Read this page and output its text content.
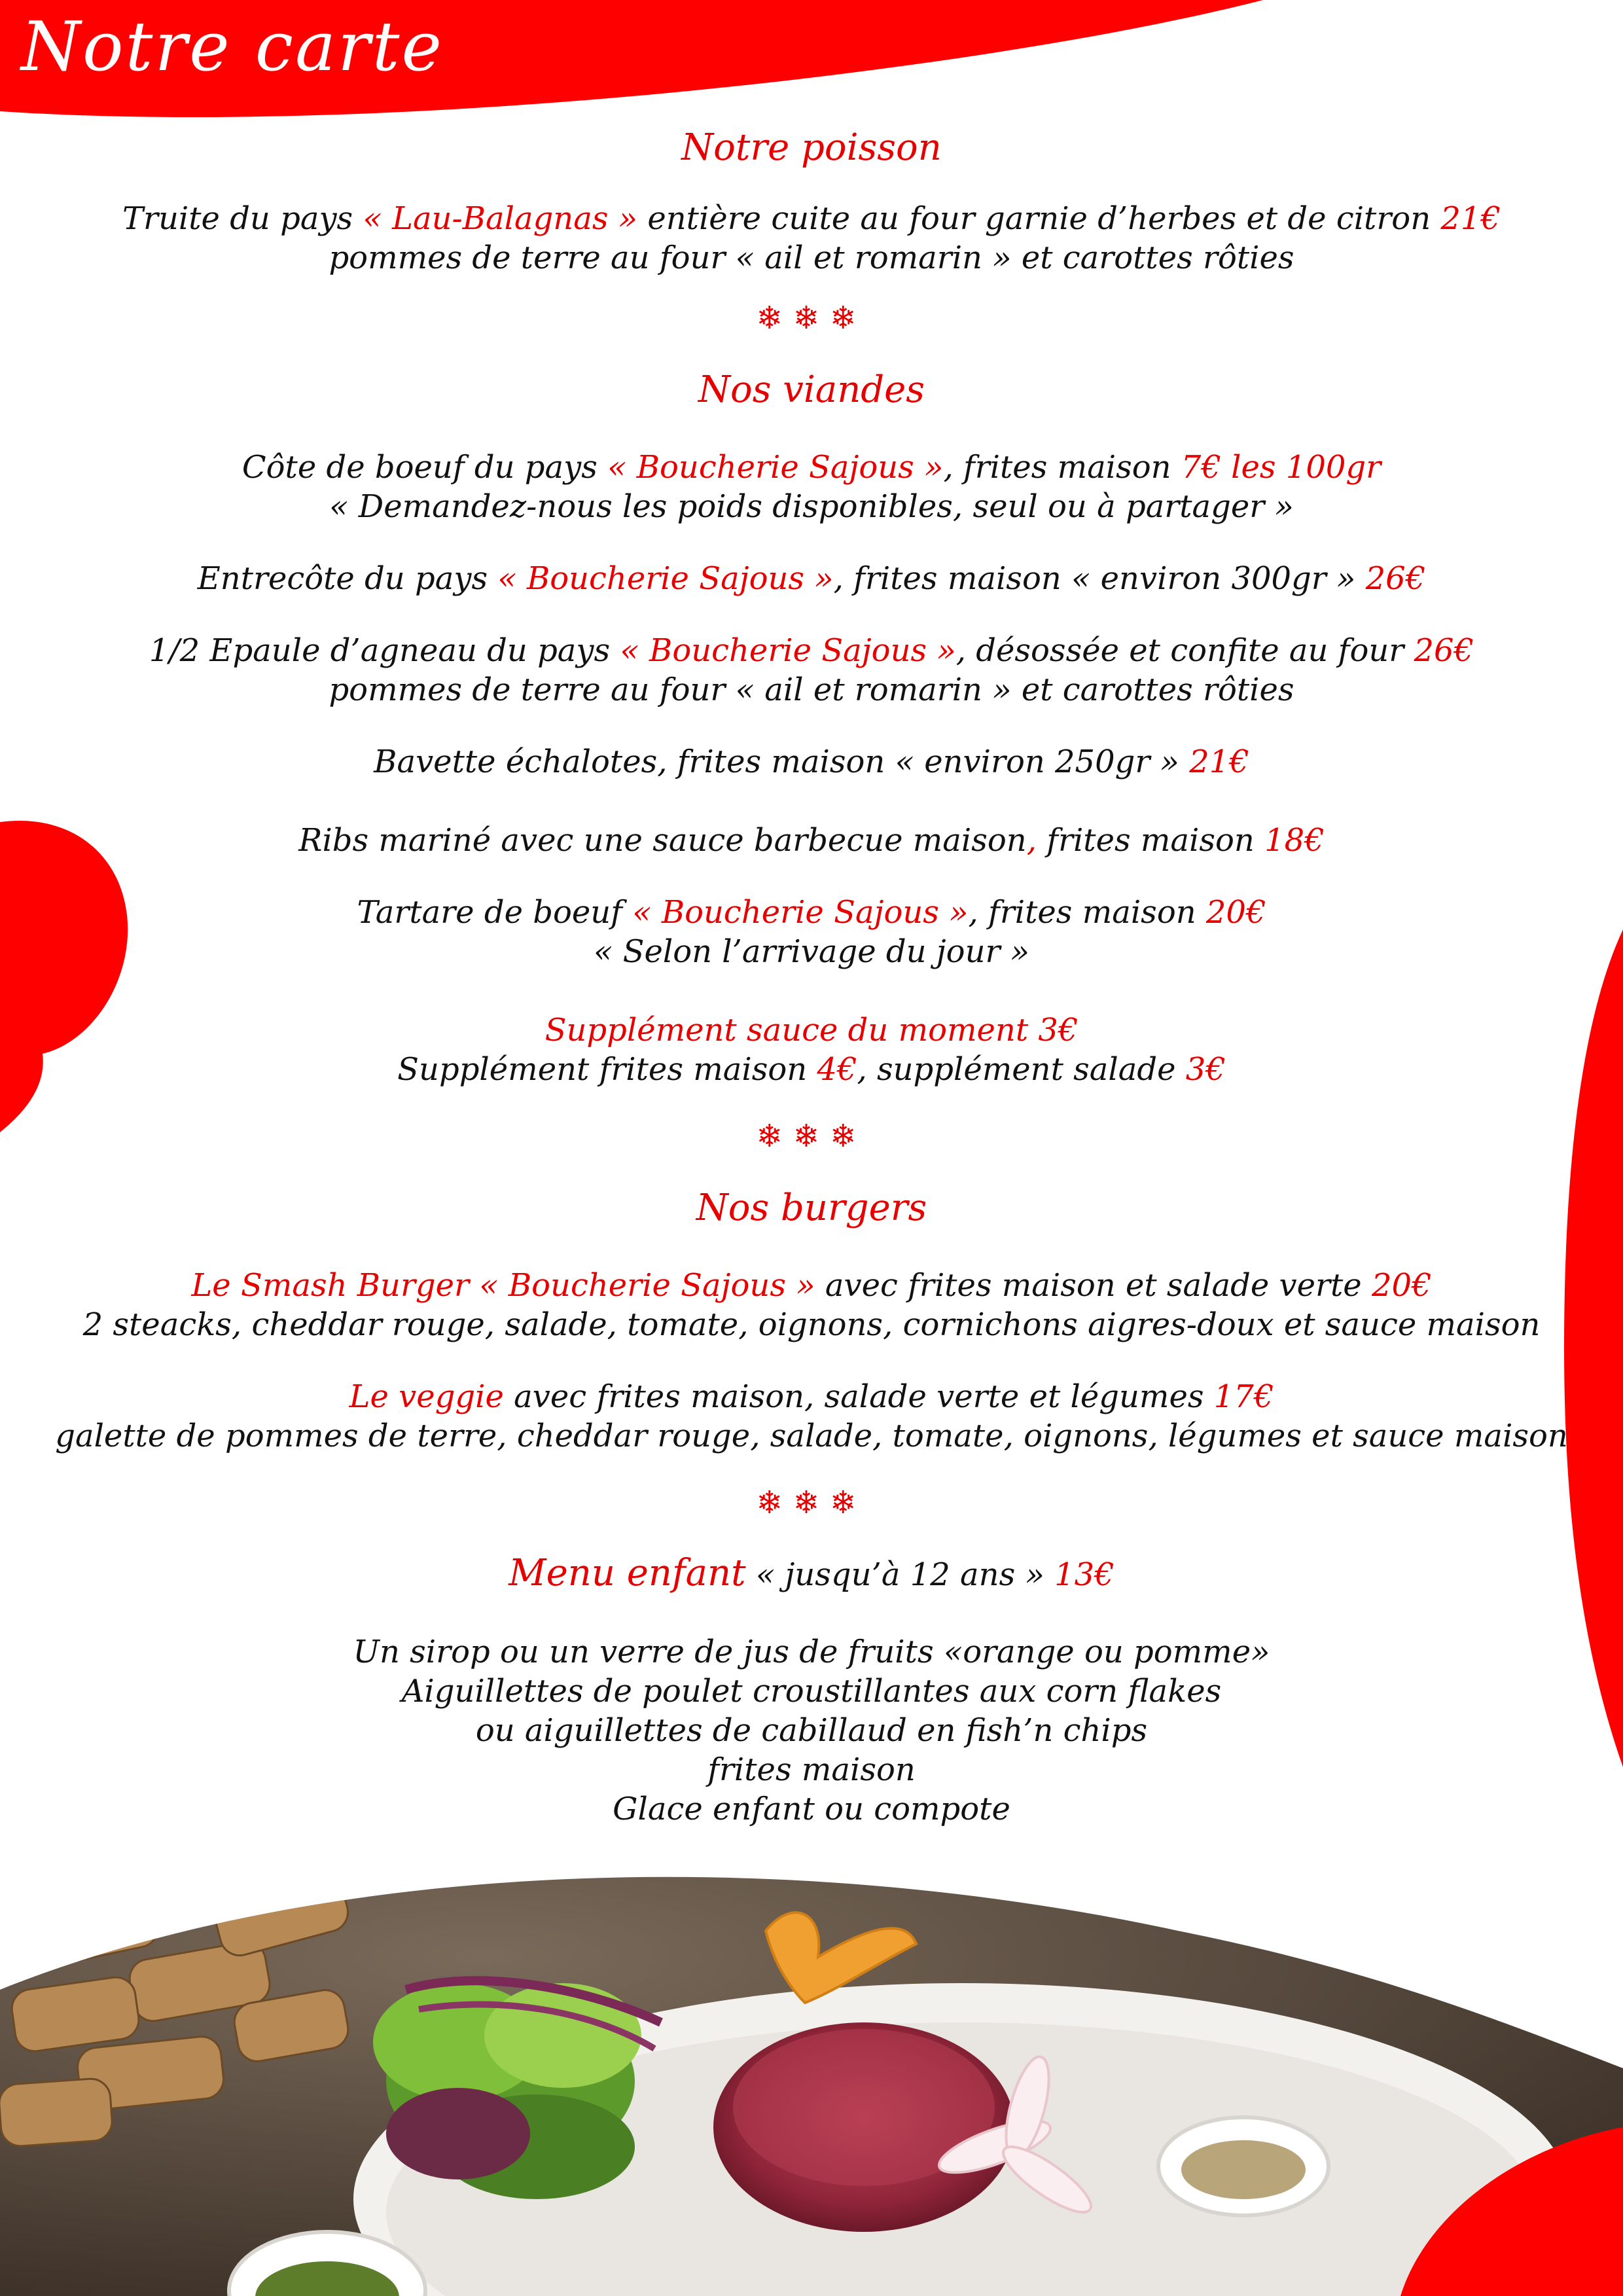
Notre carte
Notre poisson
Truite du pays « Lau-Balagnas » entière cuite au four garnie d’herbes et de citron 21€
pommes de terre au four « ail et romarin » et carottes rôties
❄❄❄
Nos viandes
Côte de boeuf du pays « Boucherie Sajous », frites maison 7€ les 100gr
« Demandez-nous les poids disponibles, seul ou à partager »
Entrecôte du pays « Boucherie Sajous », frites maison « environ 300gr » 26€
1/2 Epaule d’agneau du pays « Boucherie Sajous », désossée et confite au four 26€
pommes de terre au four « ail et romarin » et carottes rôties
Bavette échalotes, frites maison « environ 250gr » 21€
Ribs mariné avec une sauce barbecue maison, frites maison 18€
Tartare de boeuf « Boucherie Sajous », frites maison 20€
« Selon l’arrivage du jour »
Supplément sauce du moment 3€
Supplément frites maison 4€, supplément salade 3€
❄❄❄
Nos burgers
Le Smash Burger « Boucherie Sajous » avec frites maison et salade verte 20€
2 steacks, cheddar rouge, salade, tomate, oignons, cornichons aigres-doux et sauce maison
Le veggie avec frites maison, salade verte et légumes 17€
galette de pommes de terre, cheddar rouge, salade, tomate, oignons, légumes et sauce maison
❄❄❄
Menu enfant « jusqu’à 12 ans » 13€
Un sirop ou un verre de jus de fruits «orange ou pomme»
Aiguillettes de poulet croustillantes aux corn flakes
ou aiguillettes de cabillaud en fish’n chips
frites maison
Glace enfant ou compote
